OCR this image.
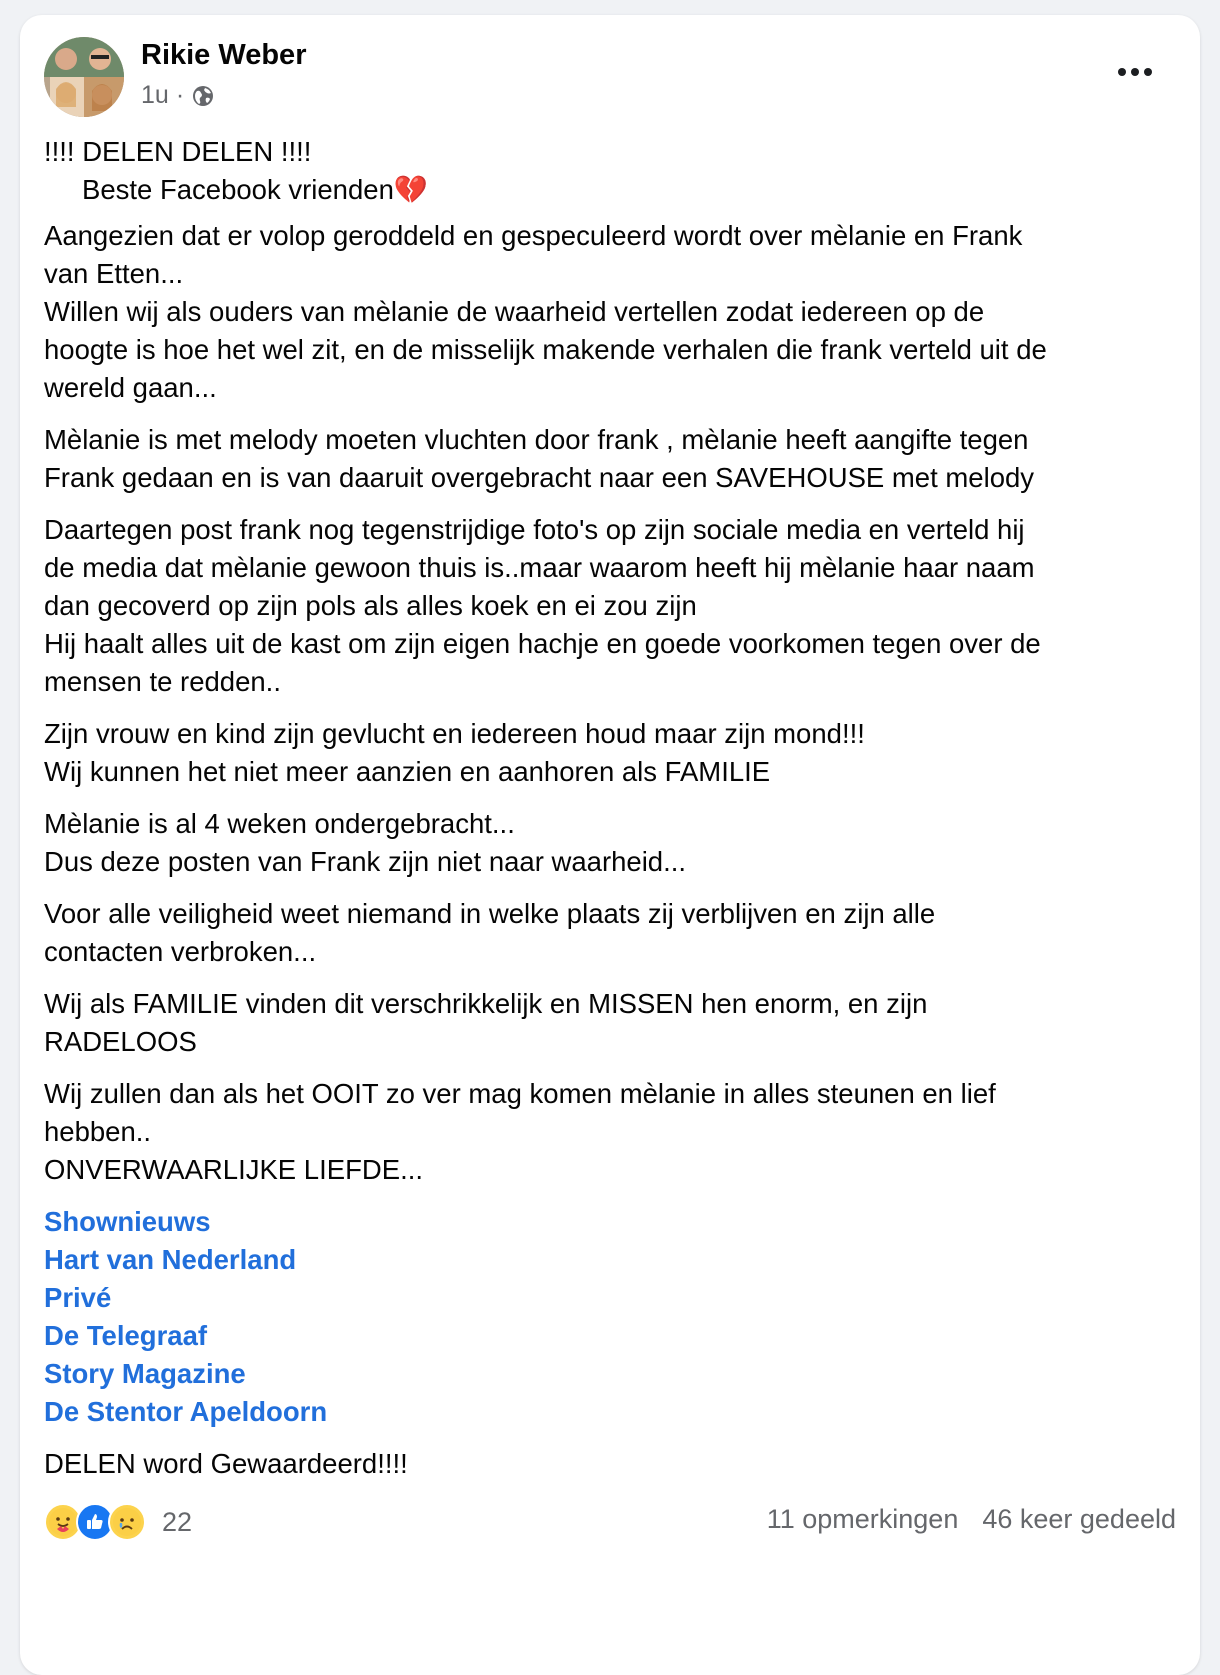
Rikie Weber
1u ·

!!!! DELEN DELEN !!!!
Beste Facebook vrienden💔

Aangezien dat er volop geroddeld en gespeculeerd wordt over mèlanie en Frank
van Etten...
Willen wij als ouders van mèlanie de waarheid vertellen zodat iedereen op de
hoogte is hoe het wel zit, en de misselijk makende verhalen die frank verteld uit de
wereld gaan...

Mèlanie is met melody moeten vluchten door frank , mèlanie heeft aangifte tegen
Frank gedaan en is van daaruit overgebracht naar een SAVEHOUSE met melody

Daartegen post frank nog tegenstrijdige foto's op zijn sociale media en verteld hij
de media dat mèlanie gewoon thuis is..maar waarom heeft hij mèlanie haar naam
dan gecoverd op zijn pols als alles koek en ei zou zijn
Hij haalt alles uit de kast om zijn eigen hachje en goede voorkomen tegen over de
mensen te redden..

Zijn vrouw en kind zijn gevlucht en iedereen houd maar zijn mond!!!
Wij kunnen het niet meer aanzien en aanhoren als FAMILIE

Mèlanie is al 4 weken ondergebracht...
Dus deze posten van Frank zijn niet naar waarheid...

Voor alle veiligheid weet niemand in welke plaats zij verblijven en zijn alle
contacten verbroken...

Wij als FAMILIE vinden dit verschrikkelijk en MISSEN hen enorm, en zijn
RADELOOS

Wij zullen dan als het OOIT zo ver mag komen mèlanie in alles steunen en lief
hebben..
ONVERWAARLIJKE LIEFDE...

Shownieuws
Hart van Nederland
Privé
De Telegraaf
Story Magazine
De Stentor Apeldoorn

DELEN word Gewaardeerd!!!!

22	11 opmerkingen 46 keer gedeeld
